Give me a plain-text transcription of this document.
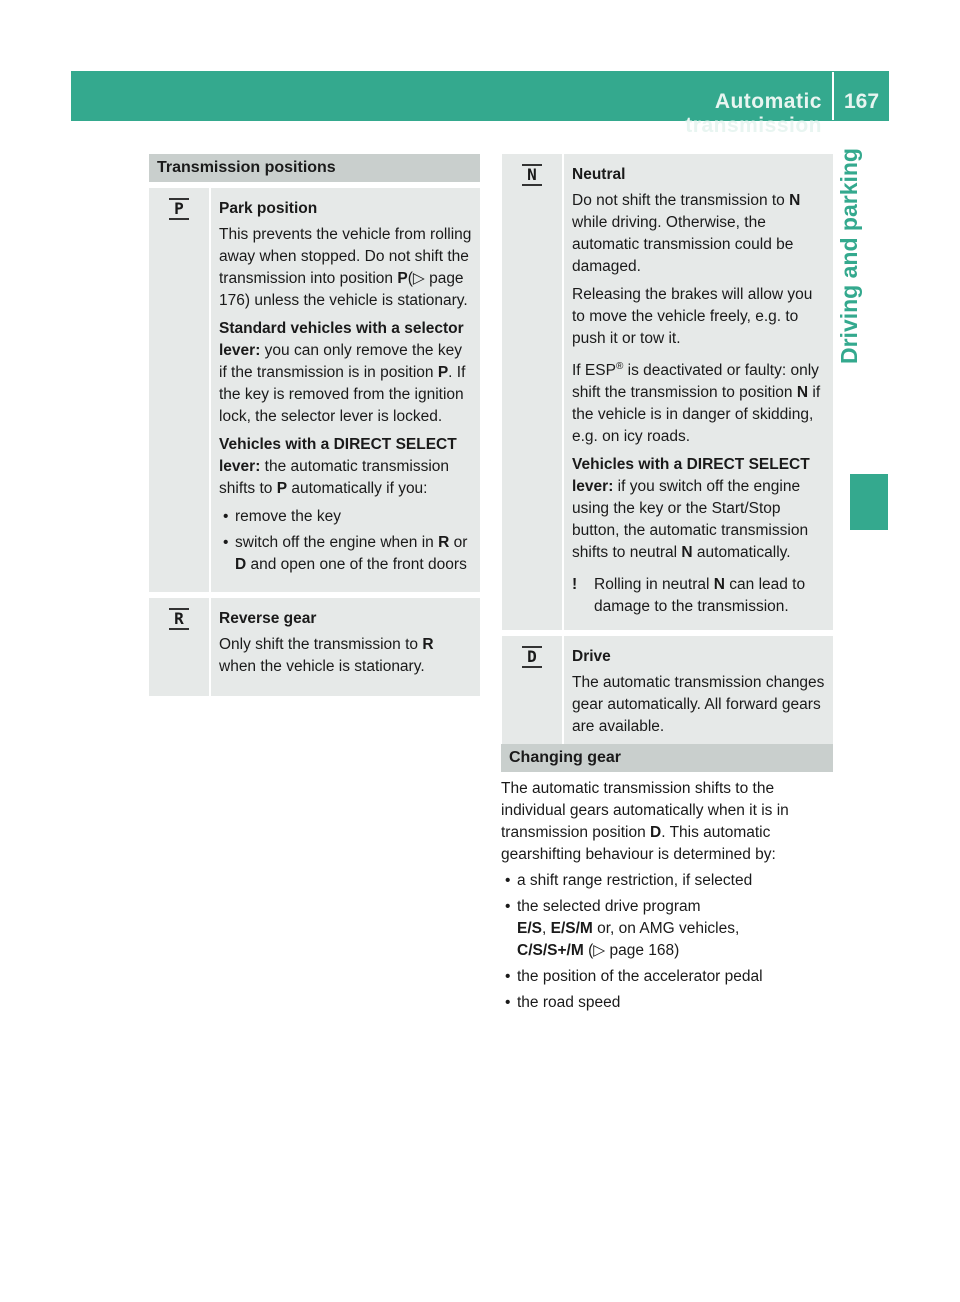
Automatic transmission
167
Driving and parking
Transmission positions
P	Park position

This prevents the vehicle from rolling away when stopped. Do not shift the transmission into position P(▷ page 176) unless the vehicle is stationary.

Standard vehicles with a selector lever: you can only remove the key if the transmission is in position P. If the key is removed from the ignition lock, the selector lever is locked.

Vehicles with a DIRECT SELECT lever: the automatic transmission shifts to P automatically if you:

• remove the key
• switch off the engine when in R or D and open one of the front doors
R	Reverse gear

Only shift the transmission to R when the vehicle is stationary.

N	Neutral

Do not shift the transmission to N while driving. Otherwise, the automatic transmission could be damaged.

Releasing the brakes will allow you to move the vehicle freely, e.g. to push it or tow it.

If ESP® is deactivated or faulty: only shift the transmission to position N if the vehicle is in danger of skidding, e.g. on icy roads.

Vehicles with a DIRECT SELECT lever: if you switch off the engine using the key or the Start/Stop button, the automatic transmission shifts to neutral N automatically.

!	Rolling in neutral N can lead to damage to the transmission.
D	Drive

The automatic transmission changes gear automatically. All forward gears are available.

Changing gear

The automatic transmission shifts to the individual gears automatically when it is in transmission position D. This automatic gearshifting behaviour is determined by:

• a shift range restriction, if selected
• the selected drive program
E/S, E/S/M or, on AMG vehicles,
C/S/S+/M (▷ page 168)
• the position of the accelerator pedal
• the road speed
